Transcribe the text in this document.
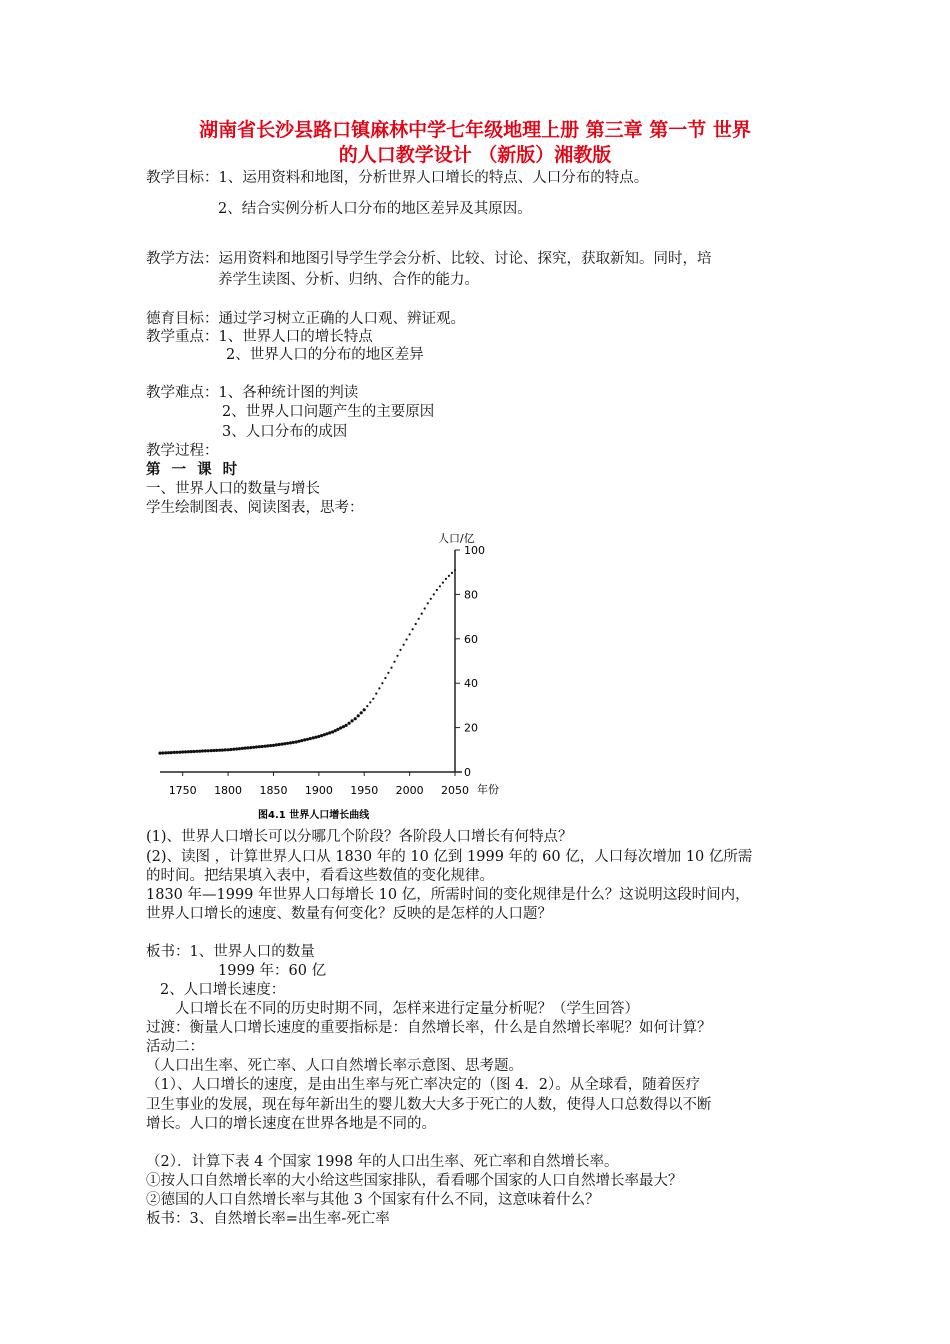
湖南省长沙县路口镇麻林中学七年级地理上册 第三章 第一节 世界
的人口教学设计 （新版）湘教版
教学目标：1、运用资料和地图，分析世界人口增长的特点、人口分布的特点。
2、结合实例分析人口分布的地区差异及其原因。
教学方法：运用资料和地图引导学生学会分析、比较、讨论、探究，获取新知。同时，培
养学生读图、分析、归纳、合作的能力。
德育目标：通过学习树立正确的人口观、辨证观。
教学重点：1、世界人口的增长特点
2、世界人口的分布的地区差异
教学难点：1、各种统计图的判读
2、世界人口问题产生的主要原因
3、人口分布的成因
教学过程：
第 一 课 时
一、世界人口的数量与增长
学生绘制图表、阅读图表，思考：
1750 1800 1850 1900 1950 2000 2050
0
20
40
60
80
100
人口/亿
年份
图4.1 世界人口增长曲线
(1)、世界人口增长可以分哪几个阶段？各阶段人口增长有何特点？
(2)、读图 ，计算世界人口从 1830 年的 10 亿到 1999 年的 60 亿，人口每次增加 10 亿所需
的时间。把结果填入表中，看看这些数值的变化规律。
1830 年—1999 年世界人口每增长 10 亿，所需时间的变化规律是什么？这说明这段时间内，
世界人口增长的速度、数量有何变化？反映的是怎样的人口题？
板书：1、世界人口的数量
1999 年：60 亿
2、人口增长速度：
人口增长在不同的历史时期不同，怎样来进行定量分析呢？（学生回答）
过渡：衡量人口增长速度的重要指标是：自然增长率，什么是自然增长率呢？如何计算？
活动二：
（人口出生率、死亡率、人口自然增长率示意图、思考题。
（1）、人口增长的速度，是由出生率与死亡率决定的（图 4．2）。从全球看，随着医疗
卫生事业的发展，现在每年新出生的婴儿数大大多于死亡的人数，使得人口总数得以不断
增长。人口的增长速度在世界各地是不同的。
（2）．计算下表 4 个国家 1998 年的人口出生率、死亡率和自然增长率。
①按人口自然增长率的大小给这些国家排队，看看哪个国家的人口自然增长率最大？
②德国的人口自然增长率与其他 3 个国家有什么不同，这意味着什么？
板书：3、自然增长率=出生率-死亡率
